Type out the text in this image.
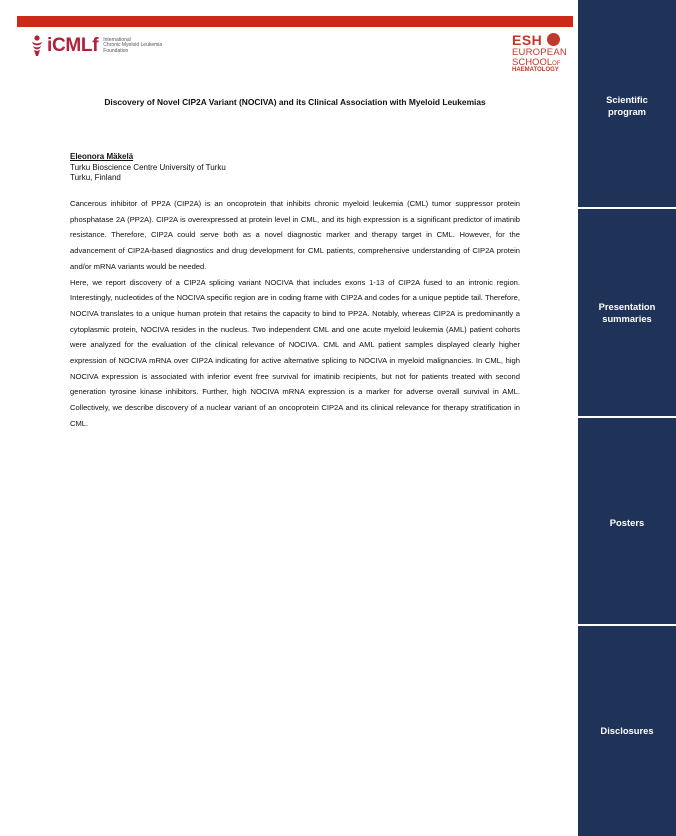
iCMLf International
Chronic Myeloid Leukemia
Foundation
ESH
EUROPEAN
SCHOOLOF
HAEMATOLOGY
Discovery of Novel CIP2A Variant (NOCIVA) and its Clinical Association with Myeloid Leukemias
Eleonora Mäkelä
Turku Bioscience Centre University of Turku
Turku, Finland

Cancerous inhibitor of PP2A (CIP2A) is an oncoprotein that inhibits chronic myeloid leukemia (CML) tumor suppressor protein phosphatase 2A (PP2A). CIP2A is overexpressed at protein level in CML, and its high expression is a significant predictor of imatinib resistance. Therefore, CIP2A could serve both as a novel diagnostic marker and therapy target in CML. However, for the advancement of CIP2A-based diagnostics and drug development for CML patients, comprehensive understanding of CIP2A protein and/or mRNA variants would be needed.

Here, we report discovery of a CIP2A splicing variant NOCIVA that includes exons 1-13 of CIP2A fused to an intronic region. Interestingly, nucleotides of the NOCIVA specific region are in coding frame with CIP2A and codes for a unique peptide tail. Therefore, NOCIVA translates to a unique human protein that retains the capacity to bind to PP2A. Notably, whereas CIP2A is predominantly a cytoplasmic protein, NOCIVA resides in the nucleus. Two independent CML and one acute myeloid leukemia (AML) patient cohorts were analyzed for the evaluation of the clinical relevance of NOCIVA. CML and AML patient samples displayed clearly higher expression of NOCIVA mRNA over CIP2A indicating for active alternative splicing to NOCIVA in myeloid malignancies. In CML, high NOCIVA expression is associated with inferior event free survival for imatinib recipients, but not for patients treated with second generation tyrosine kinase inhibitors. Further, high NOCIVA mRNA expression is a marker for adverse overall survival in AML. Collectively, we describe discovery of a nuclear variant of an oncoprotein CIP2A and its clinical relevance for therapy stratification in CML.

Scientific
program
Presentation
summaries
Posters
Disclosures
